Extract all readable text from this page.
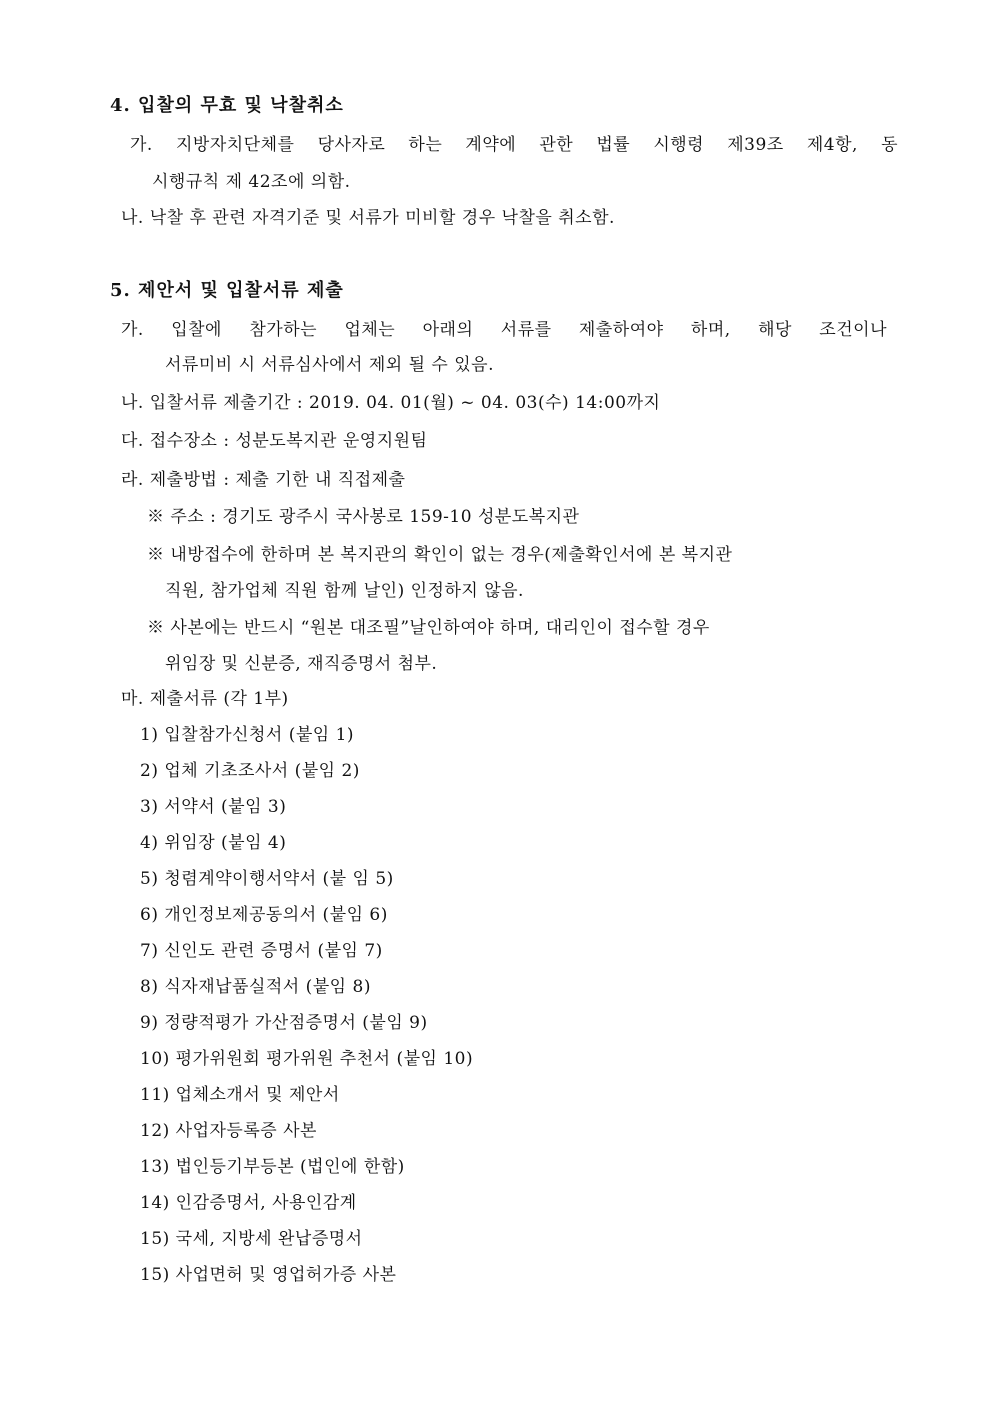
4. 입찰의 무효 및 낙찰취소
가. 지방자치단체를 당사자로 하는 계약에 관한 법률 시행령 제39조 제4항, 동
시행규칙 제 42조에 의함.
나. 낙찰 후 관련 자격기준 및 서류가 미비할 경우 낙찰을 취소함.
5. 제안서 및 입찰서류 제출
가. 입찰에 참가하는 업체는 아래의 서류를 제출하여야 하며, 해당 조건이나
서류미비 시 서류심사에서 제외 될 수 있음.
나. 입찰서류 제출기간 : 2019. 04. 01(월) ~ 04. 03(수) 14:00까지
다. 접수장소 : 성분도복지관 운영지원팀
라. 제출방법 : 제출 기한 내 직접제출
※ 주소 : 경기도 광주시 국사봉로 159-10 성분도복지관
※ 내방접수에 한하며 본 복지관의 확인이 없는 경우(제출확인서에 본 복지관
직원, 참가업체 직원 함께 날인) 인정하지 않음.
※ 사본에는 반드시 “원본 대조필”날인하여야 하며, 대리인이 접수할 경우
위임장 및 신분증, 재직증명서 첨부.
마. 제출서류 (각 1부)
1) 입찰참가신청서 (붙임 1)
2) 업체 기초조사서 (붙임 2)
3) 서약서 (붙임 3)
4) 위임장 (붙임 4)
5) 청렴계약이행서약서 (붙 임 5)
6) 개인정보제공동의서 (붙임 6)
7) 신인도 관련 증명서 (붙임 7)
8) 식자재납품실적서 (붙임 8)
9) 정량적평가 가산점증명서 (붙임 9)
10) 평가위원회 평가위원 추천서 (붙임 10)
11) 업체소개서 및 제안서
12) 사업자등록증 사본
13) 법인등기부등본 (법인에 한함)
14) 인감증명서, 사용인감계
15) 국세, 지방세 완납증명서
15) 사업면허 및 영업허가증 사본
